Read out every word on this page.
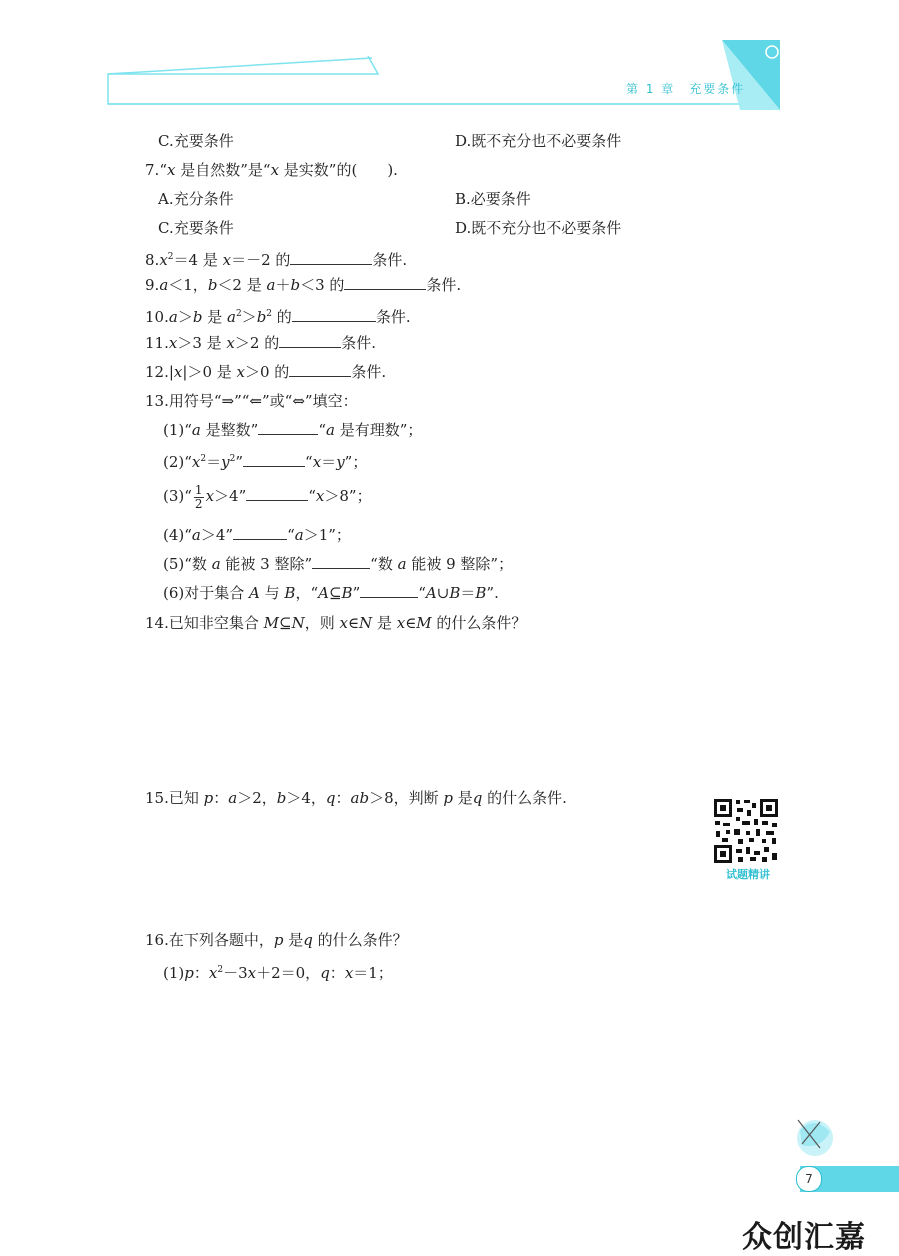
第 1 章　充要条件
C.充要条件	D.既不充分也不必要条件
7.“x 是自然数”是“x 是实数”的(　　).
A.充分条件	B.必要条件
C.充要条件	D.既不充分也不必要条件
$8.x^2=4$ 是 x＝－2 的	条件.
9.a＜1，b＜2 是 a＋b＜3 的	条件.
10.a＞b 是 $a^2>b^2$ 的	条件.
11.x＞3 是 x＞2 的	条件.
12.|x|＞0 是 x＞0 的	条件.
13.用符号“⇒”“⇐”或“⇔”填空：
(1)“a 是整数”	“a 是有理数”；
$(2)“x^2=y^2$”	“x＝y”；
(3)“ $\frac{1}{2} x>4$”	“x＞8”；
(4)“a＞4”	“a＞1”；
(5)“数 a 能被 3 整除”	“数 a 能被 9 整除”；
(6)对于集合 A 与 B，“A⊆B”	“A∪B＝B”.
14.已知非空集合 M⊆N，则 x∈N 是 x∈M 的什么条件？
15.已知 p：a＞2，b＞4，q：ab＞8，判断 p 是q 的什么条件.
试题精讲
16.在下列各题中，p 是q 的什么条件？
(1)p：$x^2-3x+2=0$，q：x＝1；
7
众创汇嘉
